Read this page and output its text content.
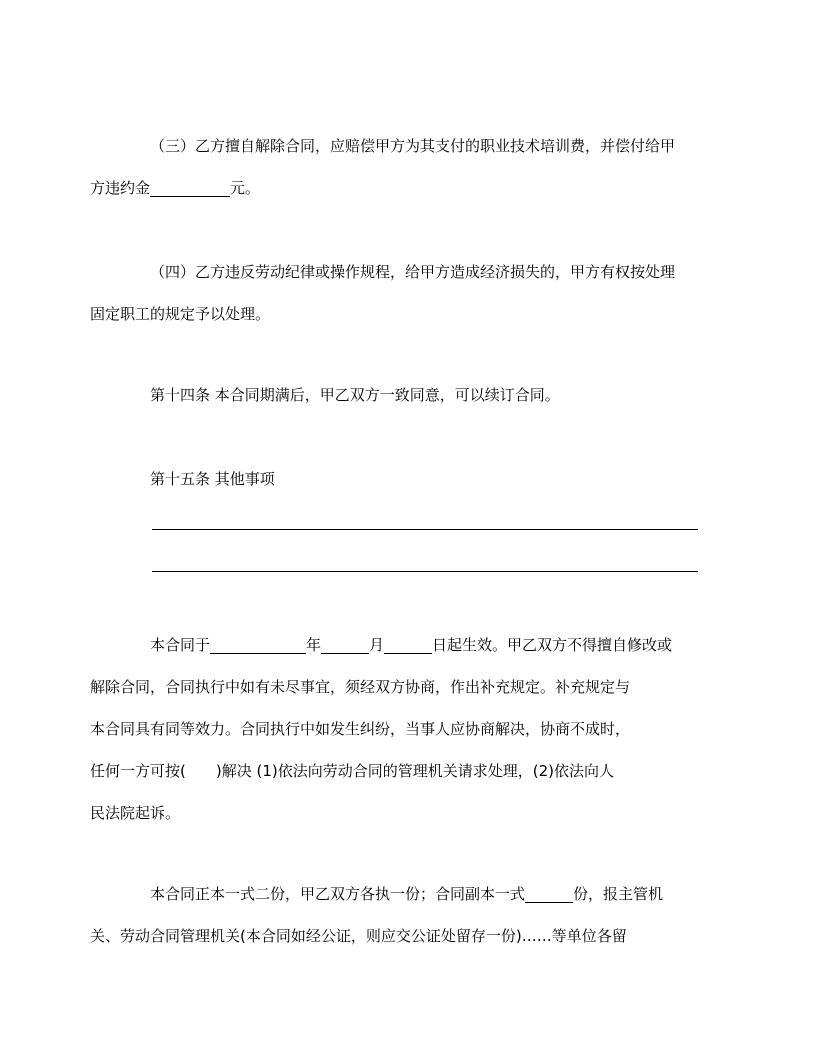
（三）乙方擅自解除合同，应赔偿甲方为其支付的职业技术培训费，并偿付给甲
方违约金	元。
（四）乙方违反劳动纪律或操作规程，给甲方造成经济损失的，甲方有权按处理
固定职工的规定予以处理。
第十四条 本合同期满后，甲乙双方一致同意，可以续订合同。
第十五条 其他事项
本合同于	年	月	日起生效。甲乙双方不得擅自修改或
解除合同，合同执行中如有未尽事宜，须经双方协商，作出补充规定。补充规定与
本合同具有同等效力。合同执行中如发生纠纷，当事人应协商解决，协商不成时，
任何一方可按(　　)解决 (1)依法向劳动合同的管理机关请求处理，(2)依法向人
民法院起诉。
本合同正本一式二份，甲乙双方各执一份；合同副本一式	份，报主管机
关、劳动合同管理机关(本合同如经公证，则应交公证处留存一份)……等单位各留
